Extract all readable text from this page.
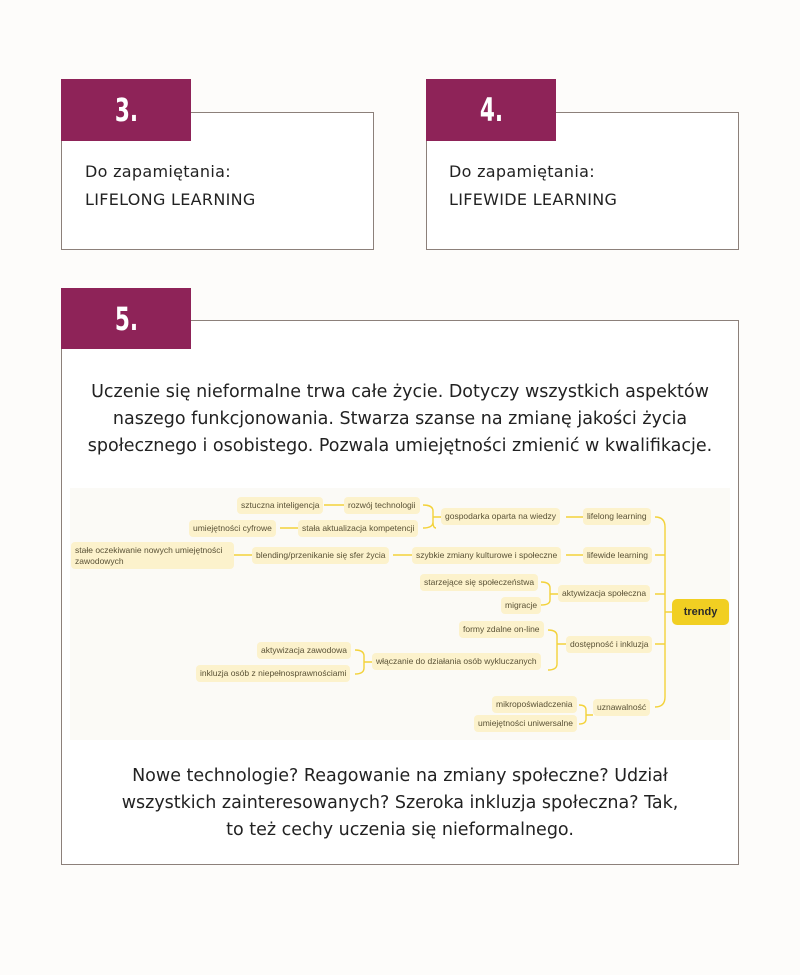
3.
Do zapamiętania:
LIFELONG LEARNING
4.
Do zapamiętania:
LIFEWIDE LEARNING
5.
Uczenie się nieformalne trwa całe życie. Dotyczy wszystkich aspektów naszego funkcjonowania. Stwarza szanse na zmianę jakości życia społecznego i osobistego. Pozwala umiejętności zmienić w kwalifikacje.
trendy
lifelong learning
gospodarka oparta na wiedzy
rozwój technologii
sztuczna inteligencja
stała aktualizacja kompetencji
umiejętności cyfrowe
lifewide learning
szybkie zmiany kulturowe i społeczne
blending/przenikanie się sfer życia
stałe oczekiwanie nowych umiejętności zawodowych
aktywizacja społeczna
starzejące się społeczeństwa
migracje
dostępność i inkluzja
formy zdalne on-line
włączanie do działania osób wykluczanych
aktywizacja zawodowa
inkluzja osób z niepełnosprawnościami
uznawalność
mikropoświadczenia
umiejętności uniwersalne
Nowe technologie? Reagowanie na zmiany społeczne? Udział wszystkich zainteresowanych? Szeroka inkluzja społeczna? Tak, to też cechy uczenia się nieformalnego.
